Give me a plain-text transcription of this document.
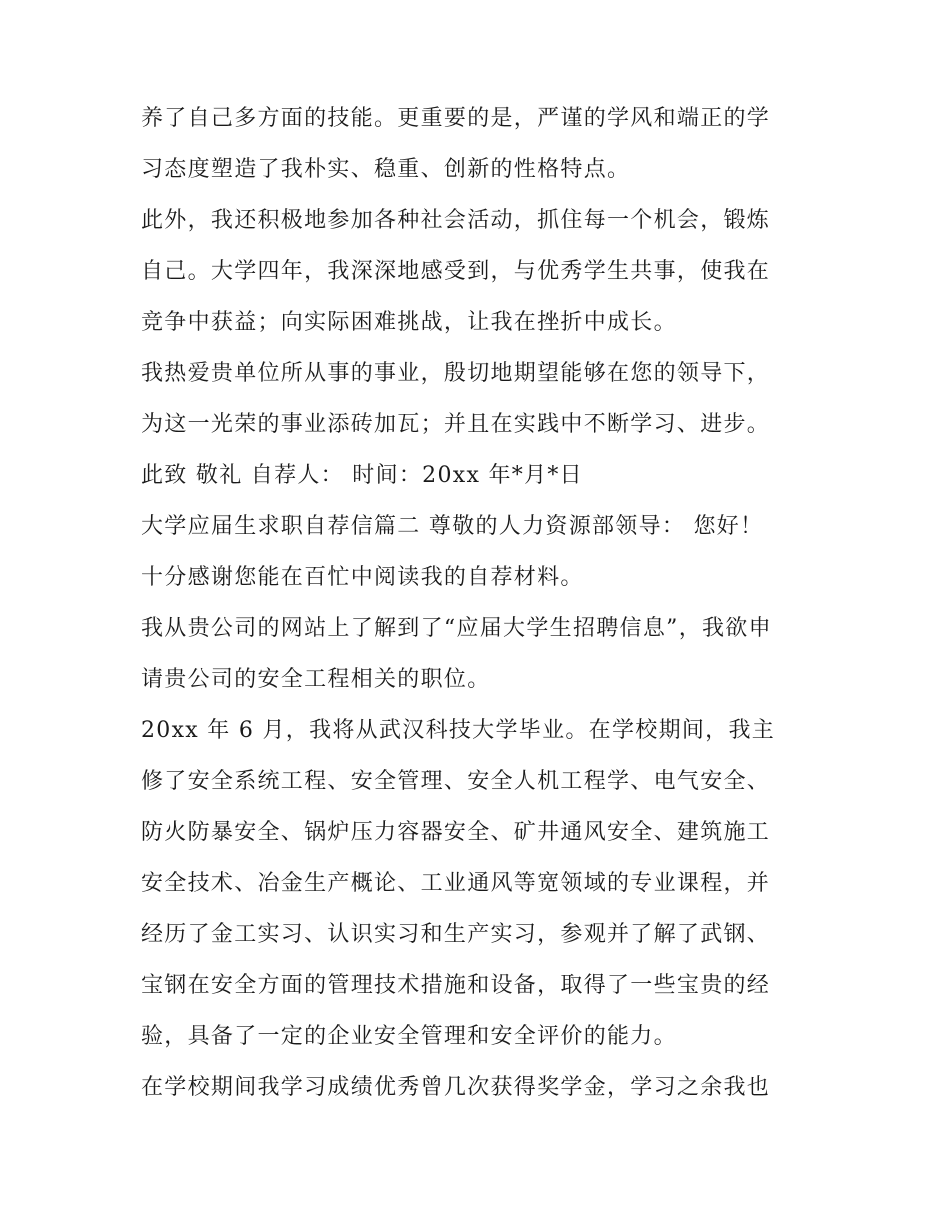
养了自己多方面的技能。更重要的是，严谨的学风和端正的学
习态度塑造了我朴实、稳重、创新的性格特点。
此外，我还积极地参加各种社会活动，抓住每一个机会，锻炼
自己。大学四年，我深深地感受到，与优秀学生共事，使我在
竞争中获益；向实际困难挑战，让我在挫折中成长。
我热爱贵单位所从事的事业，殷切地期望能够在您的领导下，
为这一光荣的事业添砖加瓦；并且在实践中不断学习、进步。
此致 敬礼 自荐人： 时间：20xx 年*月*日
大学应届生求职自荐信篇二 尊敬的人力资源部领导： 您好！
十分感谢您能在百忙中阅读我的自荐材料。
我从贵公司的网站上了解到了“应届大学生招聘信息”，我欲申
请贵公司的安全工程相关的职位。
20xx 年 6 月，我将从武汉科技大学毕业。在学校期间，我主
修了安全系统工程、安全管理、安全人机工程学、电气安全、
防火防暴安全、锅炉压力容器安全、矿井通风安全、建筑施工
安全技术、冶金生产概论、工业通风等宽领域的专业课程，并
经历了金工实习、认识实习和生产实习，参观并了解了武钢、
宝钢在安全方面的管理技术措施和设备，取得了一些宝贵的经
验，具备了一定的企业安全管理和安全评价的能力。
在学校期间我学习成绩优秀曾几次获得奖学金，学习之余我也
